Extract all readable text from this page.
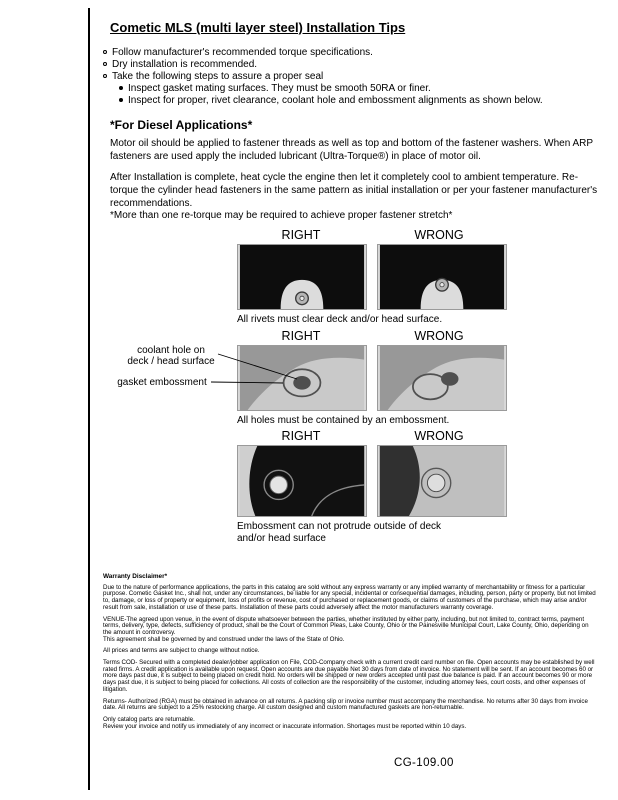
Cometic MLS (multi layer steel) Installation Tips
Follow manufacturer's recommended torque specifications.
Dry installation is recommended.
Take the following steps to assure a proper seal
Inspect gasket mating surfaces. They must be smooth 50RA or finer.
Inspect for proper, rivet clearance, coolant hole and embossment alignments as shown below.
*For Diesel Applications*

Motor oil should be applied to fastener threads as well as top and bottom of the fastener washers. When ARP fasteners are used apply the included lubricant (Ultra-Torque®) in place of motor oil.

After Installation is complete, heat cycle the engine then let it completely cool to ambient temperature. Re-torque the cylinder head fasteners in the same pattern as initial installation or per your fastener manufacturer's recommendations.

*More than one re-torque may be required to achieve proper fastener stretch*
RIGHT	WRONG
All rivets must clear deck and/or head surface.
RIGHT	WRONG
All holes must be contained by an embossment.
coolant hole on
deck / head surface
gasket embossment
RIGHT	WRONG
Embossment can not protrude outside of deck
and/or head surface
Warranty Disclaimer*

Due to the nature of performance applications, the parts in this catalog are sold without any express warranty or any implied warranty of merchantability or fitness for a particular purpose. Cometic Gasket Inc., shall not, under any circumstances, be liable for any special, incidental or consequential damages, including, person, party or property, but not limited to, damage, or loss of property or equipment, loss of profits or revenue, cost of purchased or replacement goods, or claims of customers of the purchase, which may arise and/or result from sale, installation or use of these parts. Installation of these parts could adversely affect the motor manufacturers warranty coverage.

VENUE-The agreed upon venue, in the event of dispute whatsoever between the parties, whether instituted by either party, including, but not limited to, contract terms, payment terms, delivery, type, defects, sufficiency of product, shall be the Court of Common Pleas, Lake County, Ohio or the Painesville Municipal Court, Lake County, Ohio, depending on the amount in controversy.

This agreement shall be governed by and construed under the laws of the State of Ohio.

All prices and terms are subject to change without notice.

Terms COD- Secured with a completed dealer/jobber application on File, COD-Company check with a current credit card number on file. Open accounts may be established by well rated firms. A credit application is available upon request. Open accounts are due payable Net 30 days from date of invoice. No statement will be sent. If an account becomes 60 or more days past due, it is subject to being placed on credit hold. No orders will be shipped or new orders accepted until past due balance is paid. If an account becomes 90 or more days past due, it is subject to being placed for collections. All costs of collection are the responsibility of the customer, including attorney fees, court costs, and other expenses of litigation.

Returns- Authorized (RGA) must be obtained in advance on all returns. A packing slip or invoice number must accompany the merchandise. No returns after 30 days from invoice date. All returns are subject to a 25% restocking charge. All custom designed and custom manufactured gaskets are non-returnable.

Only catalog parts are returnable.

Review your invoice and notify us immediately of any incorrect or inaccurate information. Shortages must be reported within 10 days.

CG-109.00
